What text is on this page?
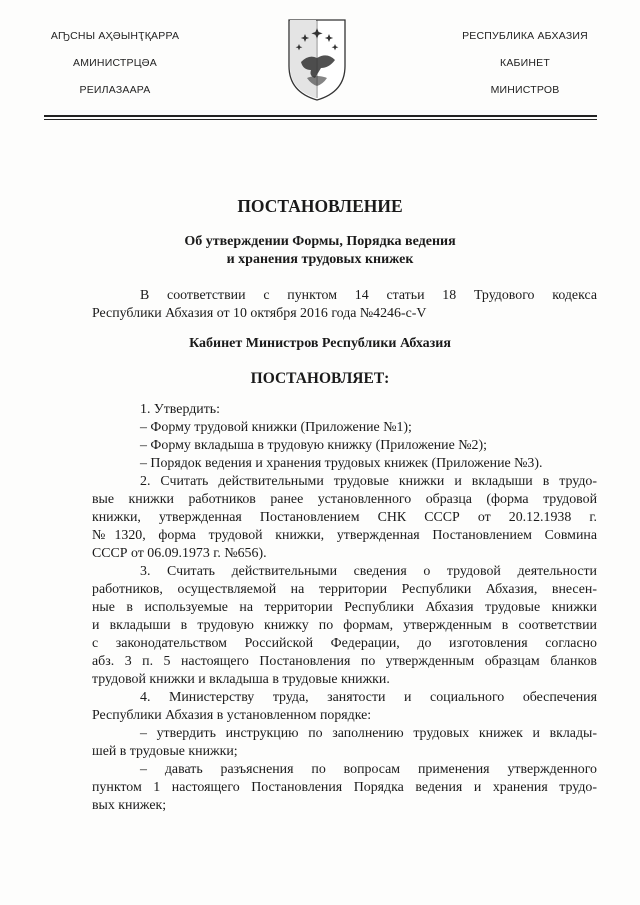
АҦСНЫ АҲӘЫНҬҚАРРА
АМИНИСТРЦӘА
РЕИЛАЗААРА
РЕСПУБЛИКА АБХАЗИЯ
КАБИНЕТ
МИНИСТРОВ
ПОСТАНОВЛЕНИЕ
Об утверждении Формы, Порядка ведения
и хранения трудовых книжек
В соответствии с пунктом 14 статьи 18 Трудового кодекса
Республики Абхазия от 10 октября 2016 года №4246-с-V
Кабинет Министров Республики Абхазия
ПОСТАНОВЛЯЕТ:
1. Утвердить:
– Форму трудовой книжки (Приложение №1);
– Форму вкладыша в трудовую книжку (Приложение №2);
– Порядок ведения и хранения трудовых книжек (Приложение №3).
2. Считать действительными трудовые книжки и вкладыши в трудо-
вые книжки работников ранее установленного образца (форма трудовой
книжки, утвержденная Постановлением СНК СССР от 20.12.1938 г.
№1320, форма трудовой книжки, утвержденная Постановлением Совмина
СССР от 06.09.1973 г. №656).
3. Считать действительными сведения о трудовой деятельности
работников, осуществляемой на территории Республики Абхазия, внесен-
ные в используемые на территории Республики Абхазия трудовые книжки
и вкладыши в трудовую книжку по формам, утвержденным в соответствии
с законодательством Российской Федерации, до изготовления согласно
абз. 3 п. 5 настоящего Постановления по утвержденным образцам бланков
трудовой книжки и вкладыша в трудовые книжки.
4. Министерству труда, занятости и социального обеспечения
Республики Абхазия в установленном порядке:
– утвердить инструкцию по заполнению трудовых книжек и вклады-
шей в трудовые книжки;
– давать разъяснения по вопросам применения утвержденного
пунктом 1 настоящего Постановления Порядка ведения и хранения трудо-
вых книжек;
